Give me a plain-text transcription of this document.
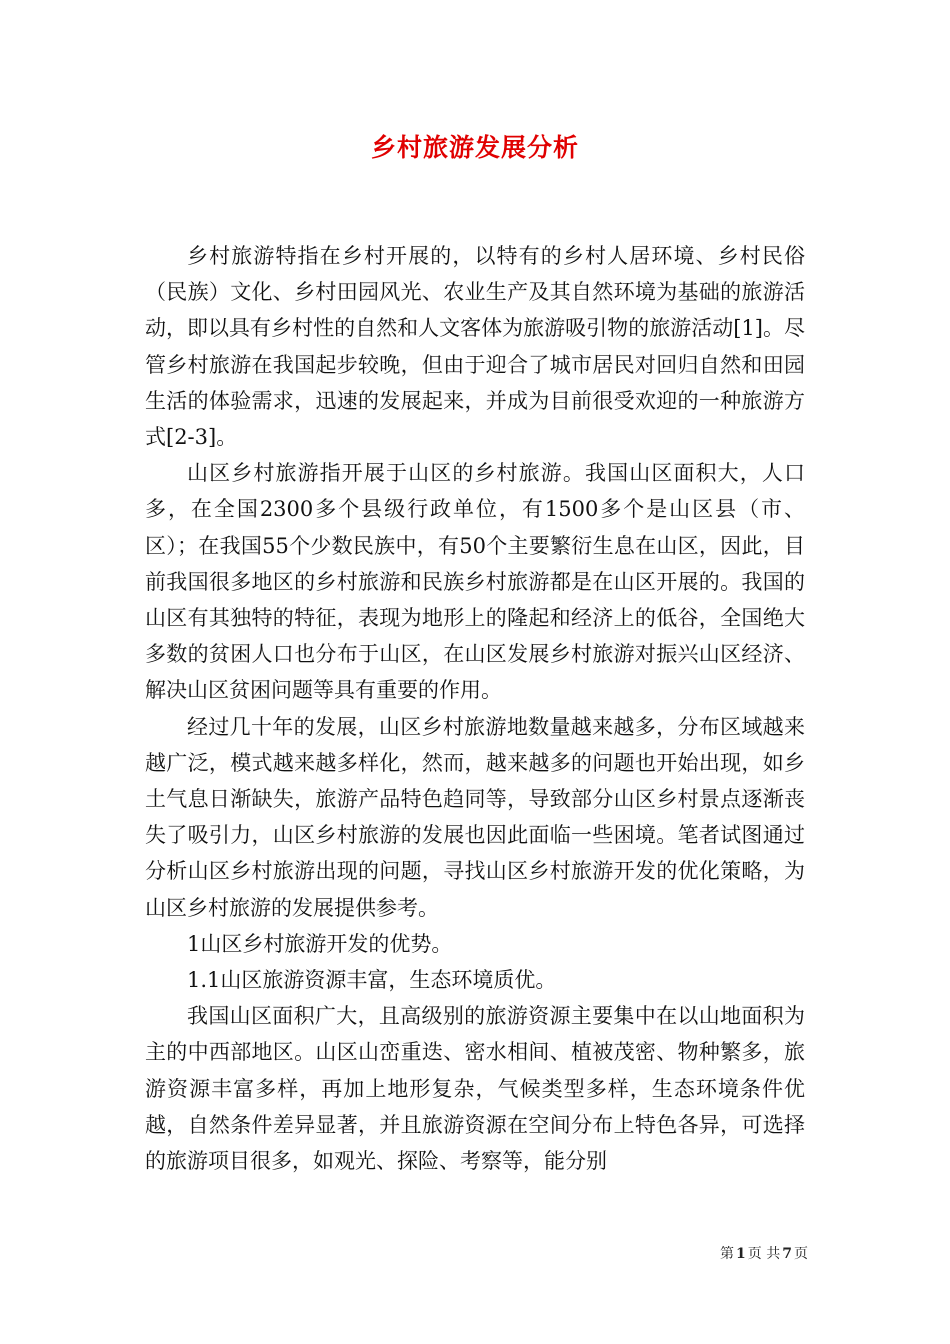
乡村旅游发展分析

乡村旅游特指在乡村开展的，以特有的乡村人居环境、乡村民俗（民族）文化、乡村田园风光、农业生产及其自然环境为基础的旅游活动，即以具有乡村性的自然和人文客体为旅游吸引物的旅游活动[1]。尽管乡村旅游在我国起步较晚，但由于迎合了城市居民对回归自然和田园生活的体验需求，迅速的发展起来，并成为目前很受欢迎的一种旅游方式[2-3]。

山区乡村旅游指开展于山区的乡村旅游。我国山区面积大，人口多，在全国2300多个县级行政单位，有1500多个是山区县（市、区）；在我国55个少数民族中，有50个主要繁衍生息在山区，因此，目前我国很多地区的乡村旅游和民族乡村旅游都是在山区开展的。我国的山区有其独特的特征，表现为地形上的隆起和经济上的低谷，全国绝大多数的贫困人口也分布于山区，在山区发展乡村旅游对振兴山区经济、解决山区贫困问题等具有重要的作用。

经过几十年的发展，山区乡村旅游地数量越来越多，分布区域越来越广泛，模式越来越多样化，然而，越来越多的问题也开始出现，如乡土气息日渐缺失，旅游产品特色趋同等，导致部分山区乡村景点逐渐丧失了吸引力，山区乡村旅游的发展也因此面临一些困境。笔者试图通过分析山区乡村旅游出现的问题，寻找山区乡村旅游开发的优化策略，为山区乡村旅游的发展提供参考。

1山区乡村旅游开发的优势。

1.1山区旅游资源丰富，生态环境质优。

我国山区面积广大，且高级别的旅游资源主要集中在以山地面积为主的中西部地区。山区山峦重迭、密水相间、植被茂密、物种繁多，旅游资源丰富多样，再加上地形复杂，气候类型多样，生态环境条件优越，自然条件差异显著，并且旅游资源在空间分布上特色各异，可选择的旅游项目很多，如观光、探险、考察等，能分别

第 1 页 共 7 页
